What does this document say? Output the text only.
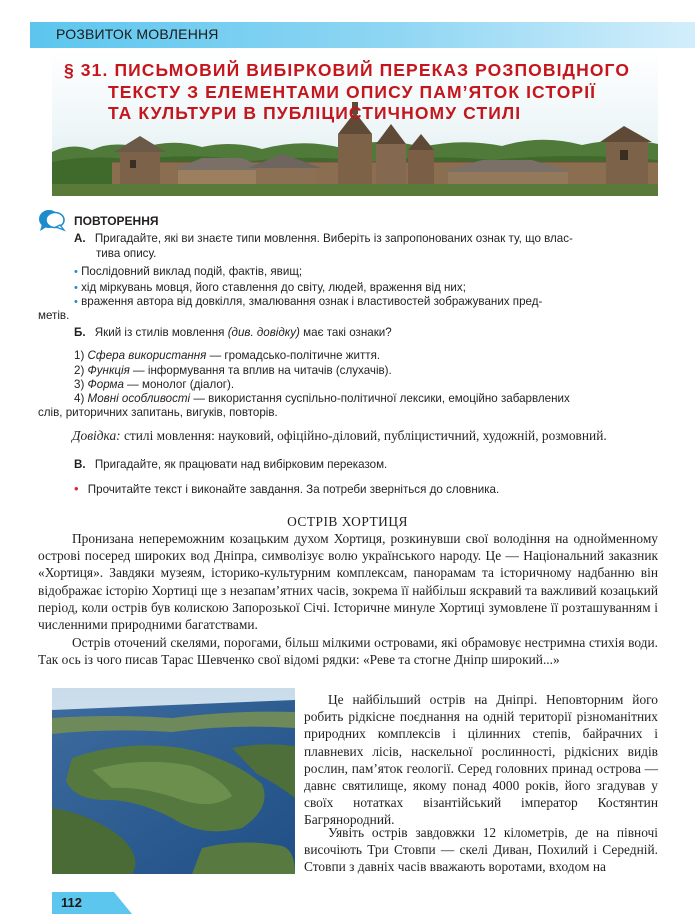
РОЗВИТОК МОВЛЕННЯ
§ 31. ПИСЬМОВИЙ ВИБІРКОВИЙ ПЕРЕКАЗ РОЗПОВІДНОГО
ТЕКСТУ З ЕЛЕМЕНТАМИ ОПИСУ ПАМ’ЯТОК ІСТОРІЇ
ТА КУЛЬТУРИ В ПУБЛІЦИСТИЧНОМУ СТИЛІ
ПОВТОРЕННЯ
А. Пригадайте, які ви знаєте типи мовлення. Виберіть із запропонованих ознак ту, що влас-
тива опису.
• Послідовний виклад подій, фактів, явищ;
• хід міркувань мовця, його ставлення до світу, людей, враження від них;
• враження автора від довкілля, змалювання ознак і властивостей зображуваних пред-
метів.
Б. Який із стилів мовлення (див. довідку) має такі ознаки?
1) Сфера використання — громадсько-політичне життя.
2) Функція — інформування та вплив на читачів (слухачів).
3) Форма — монолог (діалог).
4) Мовні особливості — використання суспільно-політичної лексики, емоційно забарвлених
слів, риторичних запитань, вигуків, повторів.
Довідка: стилі мовлення: науковий, офіційно-діловий, публіцистичний, художній, розмовний.
В. Пригадайте, як працювати над вибірковим переказом.
• Прочитайте текст і виконайте завдання. За потреби зверніться до словника.
ОСТРІВ ХОРТИЦЯ
Пронизана непереможним козацьким духом Хортиця, розкинувши свої володіння на однойменному острові посеред широких вод Дніпра, символізує волю українського народу. Це — Національний заказник «Хортиця». Завдяки музеям, історико-культурним комплексам, панорамам та історичному надбанню він відображає історію Хортиці ще з незапам’ятних часів, зокрема її найбільш яскравий та важливий козацький період, коли острів був колискою Запорозької Січі. Історичне минуле Хортиці зумовлене її розташуванням і численними природними багатствами.
Острів оточений скелями, порогами, більш мілкими островами, які обрамовує нестримна стихія води. Так ось із чого писав Тарас Шевченко свої відомі рядки: «Реве та стогне Дніпр широкий...»
Це найбільший острів на Дніпрі. Неповторним його робить рідкісне поєднання на одній території різноманітних природних комплексів і цілинних степів, байрачних і плавневих лісів, наскельної рослинності, рідкісних видів рослин, пам’яток геології. Серед головних принад острова — давнє святилище, якому понад 4000 років, його згадував у своїх нотатках візантійський імператор Костянтин Багрянородний.
Уявіть острів завдовжки 12 кілометрів, де на півночі височіють Три Стовпи — скелі Диван, Похилий і Середній. Стовпи з давніх часів вважають воротами, входом на
112
